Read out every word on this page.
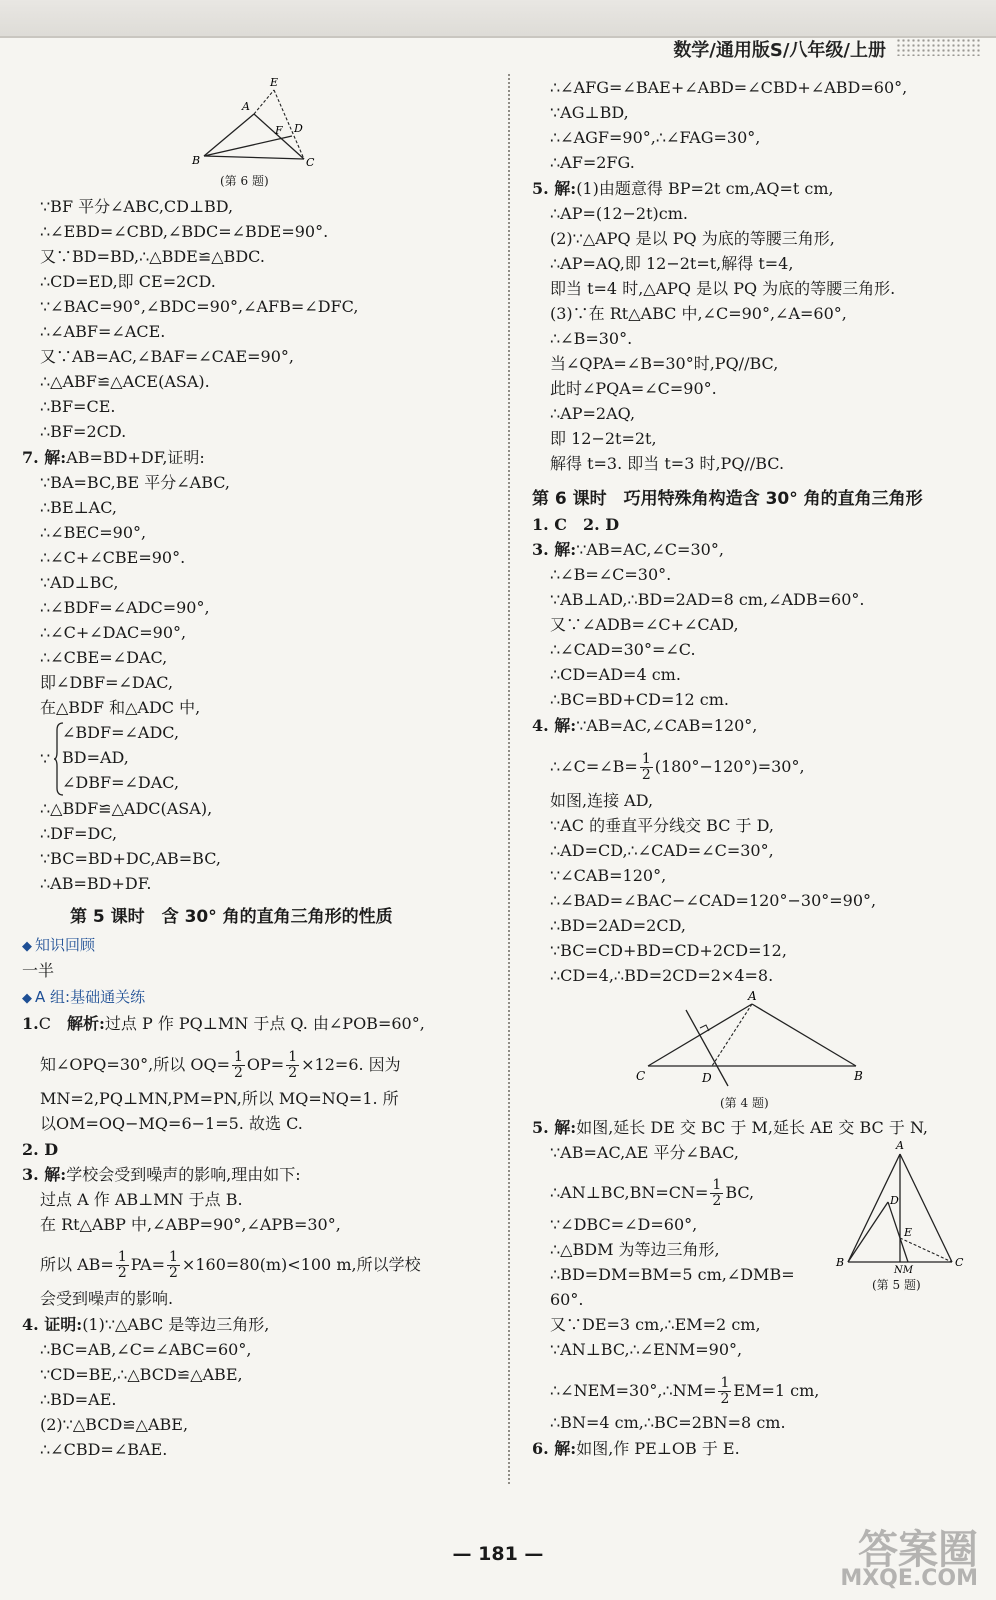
数学/通用版S/八年级/上册
E
A
F D
B	C
(第 6 题)
∵BF 平分∠ABC,CD⊥BD,
∴∠EBD=∠CBD,∠BDC=∠BDE=90°.
又∵BD=BD,∴△BDE≌△BDC.
∴CD=ED,即 CE=2CD.
∵∠BAC=90°,∠BDC=90°,∠AFB=∠DFC,
∴∠ABF=∠ACE.
又∵AB=AC,∠BAF=∠CAE=90°,
∴△ABF≌△ACE(ASA).
∴BF=CE.
∴BF=2CD.
7. 解:AB=BD+DF,证明:
∵BA=BC,BE 平分∠ABC,
∴BE⊥AC,
∴∠BEC=90°,
∴∠C+∠CBE=90°.
∵AD⊥BC,
∴∠BDF=∠ADC=90°,
∴∠C+∠DAC=90°,
∴∠CBE=∠DAC,
即∠DBF=∠DAC,
在△BDF 和△ADC 中,
∵
∠BDF=∠ADC,
BD=AD,
∠DBF=∠DAC,
∴△BDF≌△ADC(ASA),
∴DF=DC,
∵BC=BD+DC,AB=BC,
∴AB=BD+DF.
第 5 课时　含 30° 角的直角三角形的性质
◆ 知识回顾
一半
◆ A 组:基础通关练
1.C　 解析:过点 P 作 PQ⊥MN 于点 Q. 由∠POB=60°,
知∠OPQ=30°,所以 $OQ= \frac{1}{2} OP= \frac{1}{2} \times 12=6$. 因为
MN=2,PQ⊥MN,PM=PN,所以 MQ=NQ=1. 所
以OM=OQ−MQ=6−1=5. 故选 C.
2. D
3. 解:学校会受到噪声的影响,理由如下:
过点 A 作 AB⊥MN 于点 B.
在 Rt△ABP 中,∠ABP=90°,∠APB=30°,
所以 $AB= \frac{1}{2} PA= \frac{1}{2} \times 160=80(m)<100$ m,所以学校
会受到噪声的影响.
4. 证明:(1)∵△ABC 是等边三角形,
∴BC=AB,∠C=∠ABC=60°,
∵CD=BE,∴△BCD≌△ABE,
∴BD=AE.
(2)∵△BCD≌△ABE,
∴∠CBD=∠BAE.
∴∠AFG=∠BAE+∠ABD=∠CBD+∠ABD=60°,
∵AG⊥BD,
∴∠AGF=90°,∴∠FAG=30°,
∴AF=2FG.
5. 解:(1)由题意得 BP=2t cm,AQ=t cm,
∴AP=(12−2t)cm.
(2)∵△APQ 是以 PQ 为底的等腰三角形,
∴AP=AQ,即 12−2t=t,解得 t=4,
即当 t=4 时,△APQ 是以 PQ 为底的等腰三角形.
(3)∵在 Rt△ABC 中,∠C=90°,∠A=60°,
∴∠B=30°.
当∠QPA=∠B=30°时,PQ//BC,
此时∠PQA=∠C=90°.
∴AP=2AQ,
即 12−2t=2t,
解得 t=3. 即当 t=3 时,PQ//BC.
第 6 课时　巧用特殊角构造含 30° 角的直角三角形
1. C　2. D
3. 解:∵AB=AC,∠C=30°,
∴∠B=∠C=30°.
∵AB⊥AD,∴BD=2AD=8 cm,∠ADB=60°.
又∵∠ADB=∠C+∠CAD,
∴∠CAD=30°=∠C.
∴CD=AD=4 cm.
∴BC=BD+CD=12 cm.
4. 解:∵AB=AC,∠CAB=120°,
∴∠C=∠B= $\frac{1}{2} (180^\circ-120^\circ)=30^\circ$,
如图,连接 AD,
∵AC 的垂直平分线交 BC 于 D,
∴AD=CD,∴∠CAD=∠C=30°,
∵∠CAB=120°,
∴∠BAD=∠BAC−∠CAD=120°−30°=90°,
∴BD=2AD=2CD,
∵BC=CD+BD=CD+2CD=12,
∴CD=4,∴BD=2CD=2×4=8.
A
C	D	B
(第 4 题)
5. 解:如图,延长 DE 交 BC 于 M,延长 AE 交 BC 于 N,
∵AB=AC,AE 平分∠BAC,
∴AN⊥BC,BN=CN= $\frac{1}{2}$ BC,
∵∠DBC=∠D=60°,
∴△BDM 为等边三角形,
∴BD=DM=BM=5 cm,∠DMB=
60°.
又∵DE=3 cm,∴EM=2 cm,
∵AN⊥BC,∴∠ENM=90°,
∴∠NEM=30°,∴NM= $\frac{1}{2} EM=1$ cm,
∴BN=4 cm,∴BC=2BN=8 cm.
A
D
E
B	C
NM
(第 5 题)
6. 解:如图,作 PE⊥OB 于 E.
— 181 —	答案圈
MXQE.COM
